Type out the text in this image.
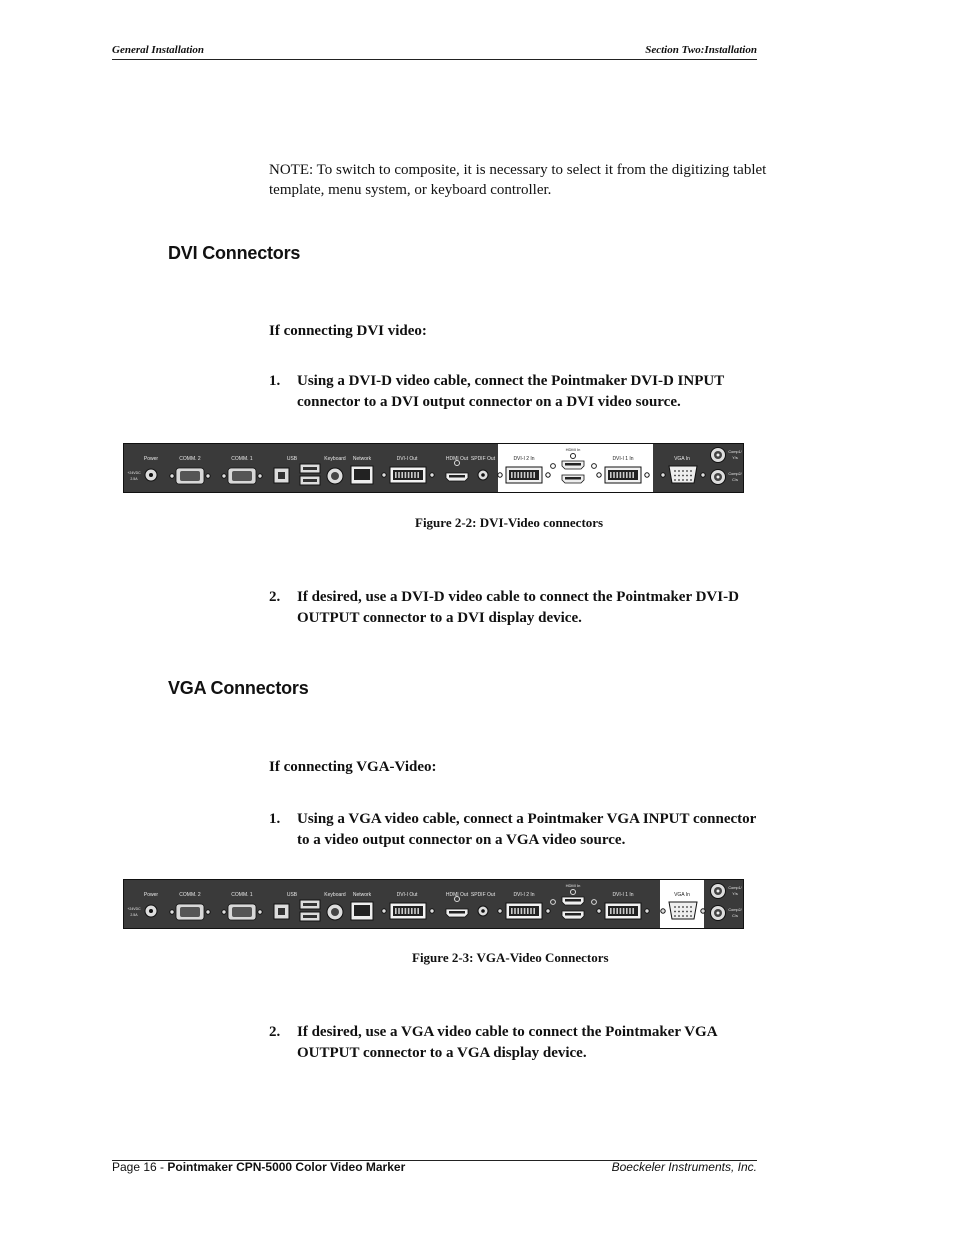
General Installation	Section Two:Installation
NOTE: To switch to composite, it is necessary to select it from the digitizing tablet template, menu system, or keyboard controller.
DVI Connectors
If connecting DVI video:
1. Using a DVI-D video cable, connect the Pointmaker DVI-D INPUT
connector to a DVI output connector on a DVI video source.
Power
+24VDC
2.5A
COMM. 2	COMM. 1	USB	Keyboard Network	DVI-I Out	HDMI Out SPDIF Out	DVI-I 2 In
HDMI In
DVI-I 1 In	VGA In
Comp1/
Y/s
Comp2/
C/s
Figure 2-2: DVI-Video connectors
2. If desired, use a DVI-D video cable to connect the Pointmaker DVI-D
OUTPUT connector to a DVI display device.
VGA Connectors
If connecting VGA-Video:
1. Using a VGA video cable, connect a Pointmaker VGA INPUT connector
to a video output connector on a VGA video source.
Power
+24VDC
2.5A
COMM. 2	COMM. 1	USB	Keyboard Network	DVI-I Out	HDMI Out SPDIF Out	DVI-I 2 In
HDMI In
DVI-I 1 In	VGA In
Comp1/
Y/s
Comp2/
C/s
Figure 2-3: VGA-Video Connectors
2. If desired, use a VGA video cable to connect the Pointmaker VGA
OUTPUT connector to a VGA display device.
Page 16 - Pointmaker CPN-5000 Color Video Marker	Boeckeler Instruments, Inc.
